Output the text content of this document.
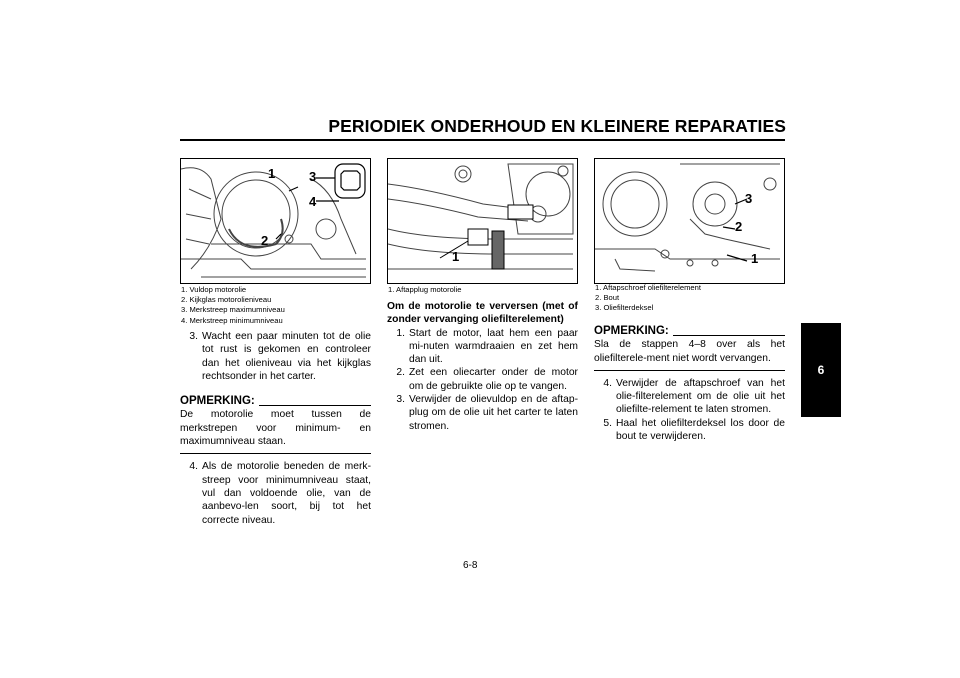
PERIODIEK ONDERHOUD EN KLEINERE REPARATIES
6
1	3
4
2
1. Vuldop motorolie
2. Kijkglas motorolieniveau
3. Merkstreep maximumniveau
4. Merkstreep minimumniveau
1
1. Aftapplug motorolie
3
2
1
1. Aftapschroef oliefilterelement
2. Bout
3. Oliefilterdeksel
3. Wacht een paar minuten tot de olie tot rust is gekomen en controleer dan het olieniveau via het kijkglas rechtsonder in het carter.
OPMERKING:
De motorolie moet tussen de merkstrepen voor minimum- en maximumniveau staan.
4. Als de motorolie beneden de merk-streep voor minimumniveau staat, vul dan voldoende olie, van de aanbevo-len soort, bij tot het correcte niveau.
Om de motorolie te verversen (met of zonder vervanging oliefilterelement)
1. Start de motor, laat hem een paar mi-nuten warmdraaien en zet hem dan uit.
2. Zet een oliecarter onder de motor om de gebruikte olie op te vangen.
3. Verwijder de olievuldop en de aftap-plug om de olie uit het carter te laten stromen.
OPMERKING:
Sla de stappen 4–8 over als het oliefilterele-ment niet wordt vervangen.
4. Verwijder de aftapschroef van het olie-filterelement om de olie uit het oliefilte-relement te laten stromen.
5. Haal het oliefilterdeksel los door de bout te verwijderen.
6-8
